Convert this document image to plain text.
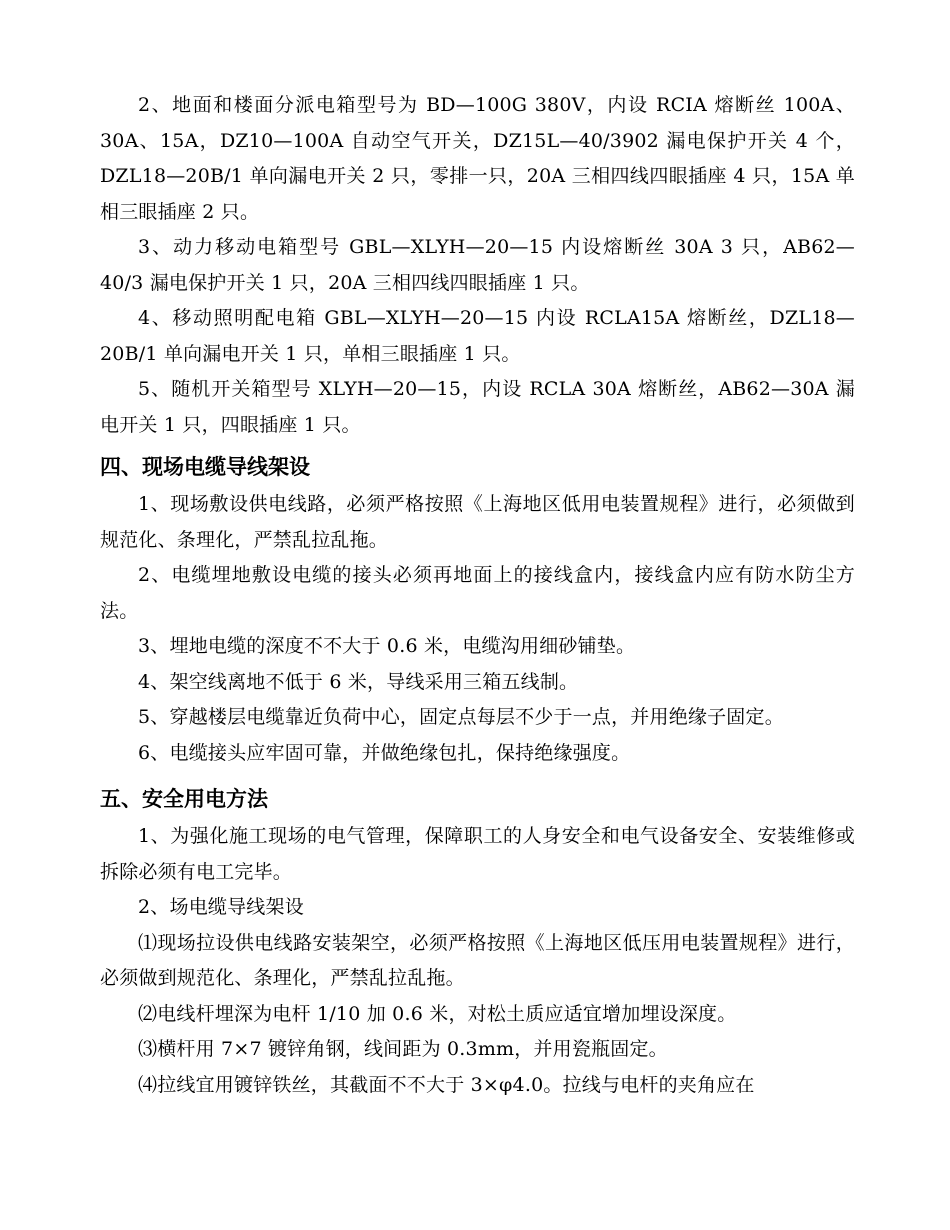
2、地面和楼面分派电箱型号为 BD—100G 380V，内设 RCIA 熔断丝 100A、30A、15A，DZ10—100A 自动空气开关，DZ15L—40/3902 漏电保护开关 4 个，DZL18—20B/1 单向漏电开关 2 只，零排一只，20A 三相四线四眼插座 4 只，15A 单相三眼插座 2 只。

3、动力移动电箱型号 GBL—XLYH—20—15 内设熔断丝 30A 3 只，AB62—40/3 漏电保护开关 1 只，20A 三相四线四眼插座 1 只。

4、移动照明配电箱 GBL—XLYH—20—15 内设 RCLA15A 熔断丝，DZL18—20B/1 单向漏电开关 1 只，单相三眼插座 1 只。

5、随机开关箱型号 XLYH—20—15，内设 RCLA 30A 熔断丝，AB62—30A 漏电开关 1 只，四眼插座 1 只。

四、现场电缆导线架设

1、现场敷设供电线路，必须严格按照《上海地区低用电装置规程》进行，必须做到规范化、条理化，严禁乱拉乱拖。

2、电缆埋地敷设电缆的接头必须再地面上的接线盒内，接线盒内应有防水防尘方法。

3、埋地电缆的深度不不大于 0.6 米，电缆沟用细砂铺垫。

4、架空线离地不低于 6 米，导线采用三箱五线制。

5、穿越楼层电缆靠近负荷中心，固定点每层不少于一点，并用绝缘子固定。

6、电缆接头应牢固可靠，并做绝缘包扎，保持绝缘强度。

五、安全用电方法

1、为强化施工现场的电气管理，保障职工的人身安全和电气设备安全、安装维修或拆除必须有电工完毕。

2、场电缆导线架设

⑴现场拉设供电线路安装架空，必须严格按照《上海地区低压用电装置规程》进行，必须做到规范化、条理化，严禁乱拉乱拖。

⑵电线杆埋深为电杆 1/10 加 0.6 米，对松土质应适宜增加埋设深度。

⑶横杆用 7×7 镀锌角钢，线间距为 0.3mm，并用瓷瓶固定。

⑷拉线宜用镀锌铁丝，其截面不不大于 3×φ4.0。拉线与电杆的夹角应在
